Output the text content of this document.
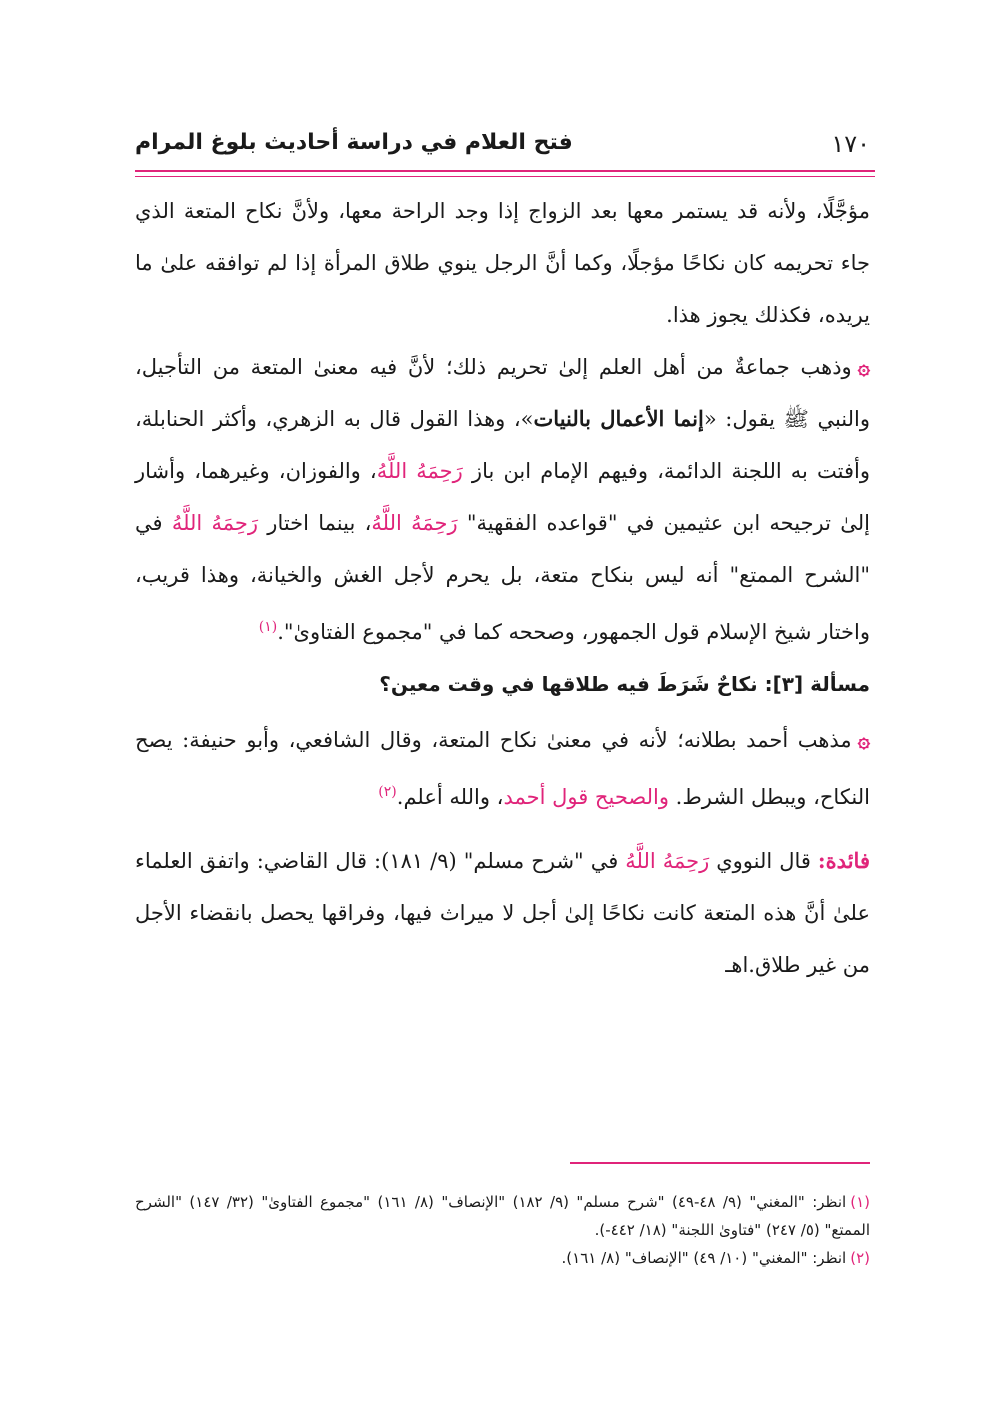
١٧٠
فتح العلام في دراسة أحاديث بلوغ المرام

مؤجَّلًا، ولأنه قد يستمر معها بعد الزواج إذا وجد الراحة معها، ولأنَّ نكاح المتعة الذي جاء تحريمه كان نكاحًا مؤجلًا، وكما أنَّ الرجل ينوي طلاق المرأة إذا لم توافقه علىٰ ما يريده، فكذلك يجوز هذا.

۞وذهب جماعةٌ من أهل العلم إلىٰ تحريم ذلك؛ لأنَّ فيه معنىٰ المتعة من التأجيل، والنبي ﷺ يقول: «إنما الأعمال بالنيات»، وهذا القول قال به الزهري، وأكثر الحنابلة، وأفتت به اللجنة الدائمة، وفيهم الإمام ابن باز رَحِمَهُ اللَّهُ، والفوزان، وغيرهما، وأشار إلىٰ ترجيحه ابن عثيمين في "قواعده الفقهية" رَحِمَهُ اللَّهُ، بينما اختار رَحِمَهُ اللَّهُ في "الشرح الممتع" أنه ليس بنكاح متعة، بل يحرم لأجل الغش والخيانة، وهذا قريب، واختار شيخ الإسلام قول الجمهور، وصححه كما في "مجموع الفتاوىٰ".$^{(١)}$

مسألة [٣]: نكاحٌ شَرَطَ فيه طلاقها في وقت معين؟

۞مذهب أحمد بطلانه؛ لأنه في معنىٰ نكاح المتعة، وقال الشافعي، وأبو حنيفة: يصح النكاح، ويبطل الشرط. والصحيح قول أحمد، والله أعلم.$^{(٢)}$

فائدة: قال النووي رَحِمَهُ اللَّهُ في "شرح مسلم" (٩/ ١٨١): قال القاضي: واتفق العلماء علىٰ أنَّ هذه المتعة كانت نكاحًا إلىٰ أجل لا ميراث فيها، وفراقها يحصل بانقضاء الأجل من غير طلاق.اهـ

(١)انظر: "المغني" (٩/ ٤٨-٤٩) "شرح مسلم" (٩/ ١٨٢) "الإنصاف" (٨/ ١٦١) "مجموع الفتاوىٰ" (٣٢/ ١٤٧) "الشرح الممتع" (٥/ ٢٤٧) "فتاوىٰ اللجنة" (١٨/ ٤٤٢-).

(٢)انظر: "المغني" (١٠/ ٤٩) "الإنصاف" (٨/ ١٦١).
